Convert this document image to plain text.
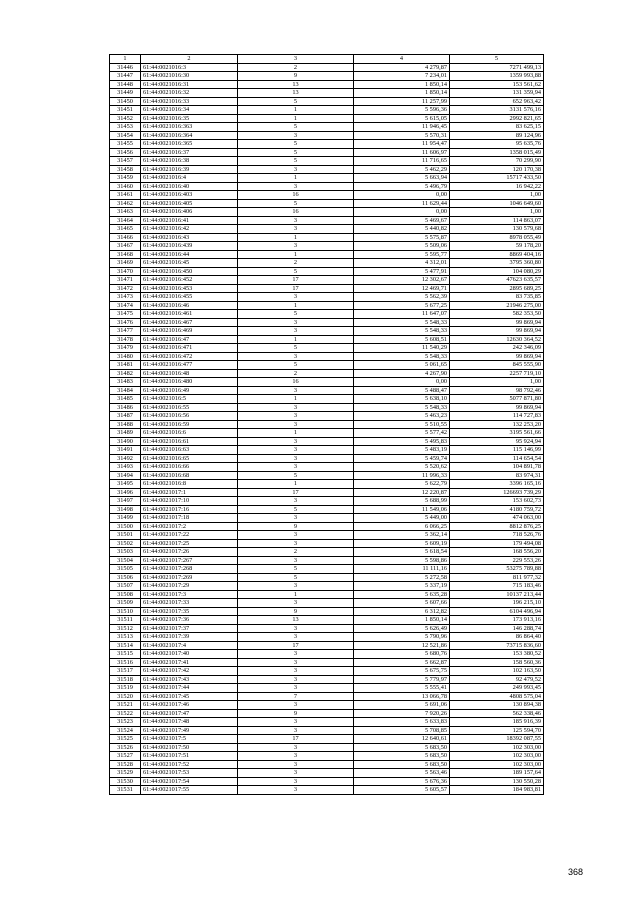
1	2	3	4	5
31446	61:44:0021016:3	2	4 279,87	7271 499,13
31447	61:44:0021016:30	9	7 234,01	1359 993,88
31448	61:44:0021016:31	13	1 850,14	153 561,62
31449	61:44:0021016:32	13	1 850,14	131 359,94
31450	61:44:0021016:33	5	11 257,99	652 963,42
31451	61:44:0021016:34	1	5 596,36	3131 576,16
31452	61:44:0021016:35	1	5 615,05	2992 821,65
31453	61:44:0021016:363	5	11 946,45	83 625,15
31454	61:44:0021016:364	3	5 570,31	89 124,96
31455	61:44:0021016:365	5	11 954,47	95 635,76
31456	61:44:0021016:37	5	11 606,97	1358 015,49
31457	61:44:0021016:38	5	11 716,65	70 299,90
31458	61:44:0021016:39	3	5 462,29	120 170,38
31459	61:44:0021016:4	1	5 663,94	15717 433,50
31460	61:44:0021016:40	3	5 496,79	16 942,22
31461	61:44:0021016:403	16	0,00	1,00
31462	61:44:0021016:405	5	11 629,44	1046 649,60
31463	61:44:0021016:406	16	0,00	1,00
31464	61:44:0021016:41	3	5 469,67	114 863,07
31465	61:44:0021016:42	3	5 440,82	130 579,68
31466	61:44:0021016:43	1	5 575,87	8978 055,49
31467	61:44:0021016:439	3	5 509,06	59 178,20
31468	61:44:0021016:44	1	5 595,77	8869 404,16
31469	61:44:0021016:45	2	4 312,01	3795 360,80
31470	61:44:0021016:450	5	5 477,91	104 080,29
31471	61:44:0021016:452	17	12 302,67	47623 635,57
31472	61:44:0021016:453	17	12 469,71	2895 689,25
31473	61:44:0021016:455	3	5 562,39	83 735,85
31474	61:44:0021016:46	1	5 677,25	21946 275,00
31475	61:44:0021016:461	5	11 647,07	582 353,50
31476	61:44:0021016:467	3	5 548,33	99 869,94
31477	61:44:0021016:469	3	5 548,33	99 869,94
31478	61:44:0021016:47	1	5 608,51	12630 364,52
31479	61:44:0021016:471	5	11 540,29	242 346,09
31480	61:44:0021016:472	3	5 548,33	99 869,94
31481	61:44:0021016:477	5	5 061,65	845 555,90
31482	61:44:0021016:48	2	4 267,90	2257 719,10
31483	61:44:0021016:480	16	0,00	1,00
31484	61:44:0021016:49	3	5 488,47	98 792,46
31485	61:44:0021016:5	1	5 638,10	5077 871,80
31486	61:44:0021016:55	3	5 548,33	99 869,94
31487	61:44:0021016:56	3	5 463,23	114 727,83
31488	61:44:0021016:59	3	5 510,55	132 253,20
31489	61:44:0021016:6	1	5 577,42	3195 561,66
31490	61:44:0021016:61	3	5 495,83	95 924,94
31491	61:44:0021016:63	3	5 483,19	115 146,99
31492	61:44:0021016:65	3	5 459,74	114 654,54
31493	61:44:0021016:66	3	5 520,62	104 891,78
31494	61:44:0021016:68	5	11 996,33	83 974,31
31495	61:44:0021016:8	1	5 622,79	3396 165,16
31496	61:44:0021017:1	17	12 220,87	126693 739,29
31497	61:44:0021017:10	3	5 688,99	153 602,73
31498	61:44:0021017:16	5	11 549,06	4180 759,72
31499	61:44:0021017:18	3	5 449,00	474 063,00
31500	61:44:0021017:2	9	6 066,25	8812 876,25
31501	61:44:0021017:22	3	5 362,14	718 526,76
31502	61:44:0021017:25	3	5 609,19	179 494,08
31503	61:44:0021017:26	2	5 618,54	168 556,20
31504	61:44:0021017:267	3	5 598,86	229 553,26
31505	61:44:0021017:268	5	11 111,16	53275 789,88
31506	61:44:0021017:269	5	5 272,58	811 977,32
31507	61:44:0021017:29	3	5 337,19	715 183,46
31508	61:44:0021017:3	1	5 635,28	10137 213,44
31509	61:44:0021017:33	3	5 607,66	196 215,10
31510	61:44:0021017:35	9	6 312,82	6104 496,94
31511	61:44:0021017:36	13	1 850,14	173 913,16
31512	61:44:0021017:37	3	5 626,49	146 288,74
31513	61:44:0021017:39	3	5 790,96	86 864,40
31514	61:44:0021017:4	17	12 521,86	73715 836,60
31515	61:44:0021017:40	3	5 680,76	153 380,52
31516	61:44:0021017:41	3	5 662,87	158 560,36
31517	61:44:0021017:42	3	5 675,75	102 163,50
31518	61:44:0021017:43	3	5 779,97	92 479,52
31519	61:44:0021017:44	3	5 555,41	249 993,45
31520	61:44:0021017:45	7	13 066,78	4808 575,04
31521	61:44:0021017:46	3	5 691,06	130 894,38
31522	61:44:0021017:47	9	7 920,26	562 338,46
31523	61:44:0021017:48	3	5 633,83	185 916,39
31524	61:44:0021017:49	3	5 708,85	125 594,70
31525	61:44:0021017:5	17	12 640,61	18392 087,55
31526	61:44:0021017:50	3	5 683,50	102 303,00
31527	61:44:0021017:51	3	5 683,50	102 303,00
31528	61:44:0021017:52	3	5 683,50	102 303,00
31529	61:44:0021017:53	3	5 563,46	189 157,64
31530	61:44:0021017:54	3	5 676,36	130 550,28
31531	61:44:0021017:55	3	5 605,57	184 983,81
368
